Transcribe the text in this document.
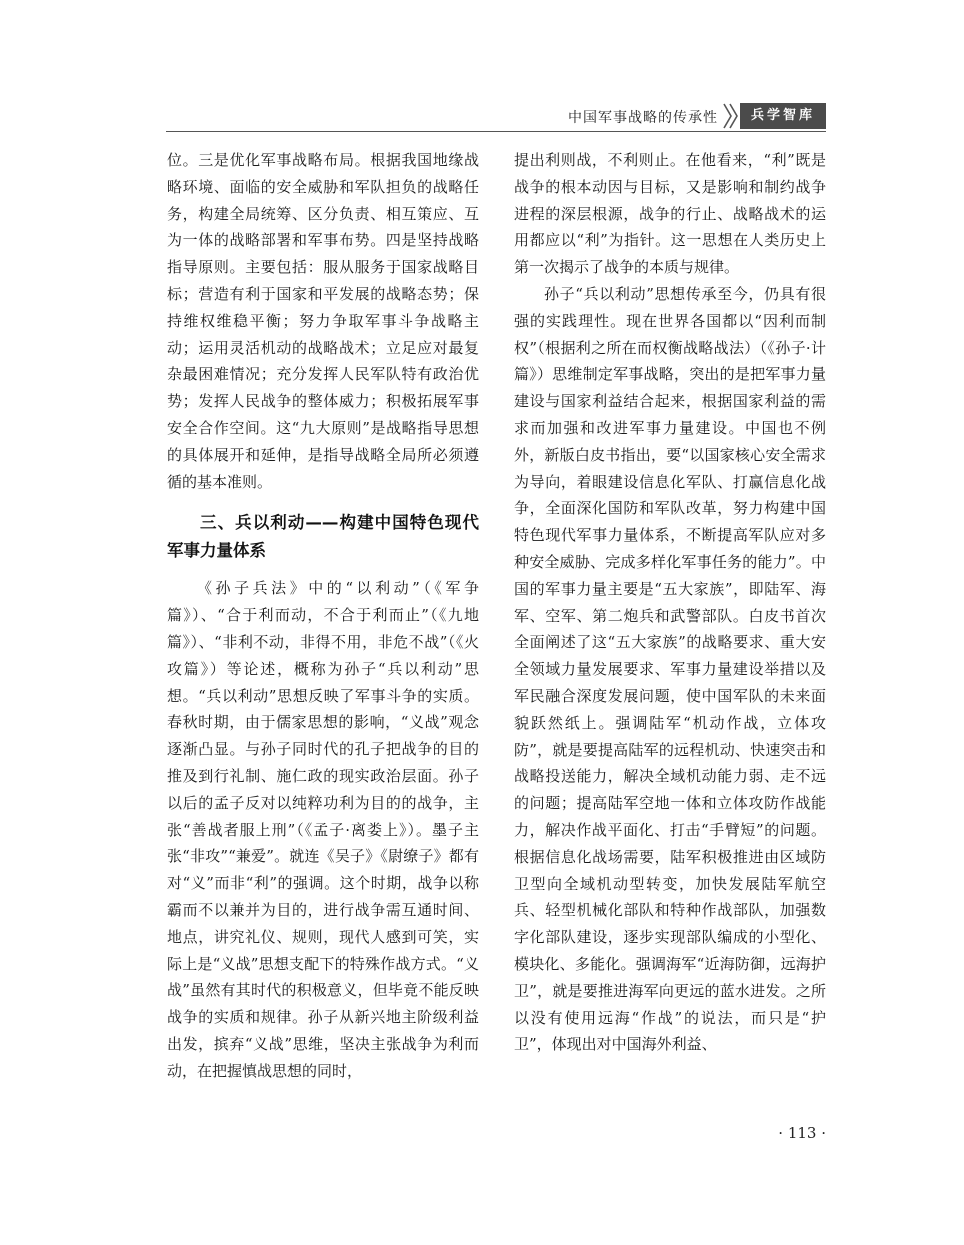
中国军事战略的传承性	兵学智库

位。三是优化军事战略布局。根据我国地缘战略环境、面临的安全威胁和军队担负的战略任务，构建全局统筹、区分负责、相互策应、互为一体的战略部署和军事布势。四是坚持战略指导原则。主要包括：服从服务于国家战略目标；营造有利于国家和平发展的战略态势；保持维权维稳平衡；努力争取军事斗争战略主动；运用灵活机动的战略战术；立足应对最复杂最困难情况；充分发挥人民军队特有政治优势；发挥人民战争的整体威力；积极拓展军事安全合作空间。这“九大原则”是战略指导思想的具体展开和延伸，是指导战略全局所必须遵循的基本准则。

三、兵以利动——构建中国特色现代军事力量体系

《孙子兵法》中的“以利动”（《军争篇》）、“合于利而动，不合于利而止”（《九地篇》）、“非利不动，非得不用，非危不战”（《火攻篇》）等论述，概称为孙子“兵以利动”思想。“兵以利动”思想反映了军事斗争的实质。春秋时期，由于儒家思想的影响，“义战”观念逐渐凸显。与孙子同时代的孔子把战争的目的推及到行礼制、施仁政的现实政治层面。孙子以后的孟子反对以纯粹功利为目的的战争，主张“善战者服上刑”（《孟子·离娄上》）。墨子主张“非攻”“兼爱”。就连《吴子》《尉缭子》都有对“义”而非“利”的强调。这个时期，战争以称霸而不以兼并为目的，进行战争需互通时间、地点，讲究礼仪、规则，现代人感到可笑，实际上是“义战”思想支配下的特殊作战方式。“义战”虽然有其时代的积极意义，但毕竟不能反映战争的实质和规律。孙子从新兴地主阶级利益出发，摈弃“义战”思维，坚决主张战争为利而动，在把握慎战思想的同时，

提出利则战，不利则止。在他看来，“利”既是战争的根本动因与目标，又是影响和制约战争进程的深层根源，战争的行止、战略战术的运用都应以“利”为指针。这一思想在人类历史上第一次揭示了战争的本质与规律。

孙子“兵以利动”思想传承至今，仍具有很强的实践理性。现在世界各国都以“因利而制权”（根据利之所在而权衡战略战法）（《孙子·计篇》）思维制定军事战略，突出的是把军事力量建设与国家利益结合起来，根据国家利益的需求而加强和改进军事力量建设。中国也不例外，新版白皮书指出，要“以国家核心安全需求为导向，着眼建设信息化军队、打赢信息化战争，全面深化国防和军队改革，努力构建中国特色现代军事力量体系，不断提高军队应对多种安全威胁、完成多样化军事任务的能力”。中国的军事力量主要是“五大家族”，即陆军、海军、空军、第二炮兵和武警部队。白皮书首次全面阐述了这“五大家族”的战略要求、重大安全领域力量发展要求、军事力量建设举措以及军民融合深度发展问题，使中国军队的未来面貌跃然纸上。强调陆军“机动作战，立体攻防”，就是要提高陆军的远程机动、快速突击和战略投送能力，解决全域机动能力弱、走不远的问题；提高陆军空地一体和立体攻防作战能力，解决作战平面化、打击“手臂短”的问题。根据信息化战场需要，陆军积极推进由区域防卫型向全域机动型转变，加快发展陆军航空兵、轻型机械化部队和特种作战部队，加强数字化部队建设，逐步实现部队编成的小型化、模块化、多能化。强调海军“近海防御，远海护卫”，就是要推进海军向更远的蓝水进发。之所以没有使用远海“作战”的说法，而只是“护卫”，体现出对中国海外利益、

· 113 ·
